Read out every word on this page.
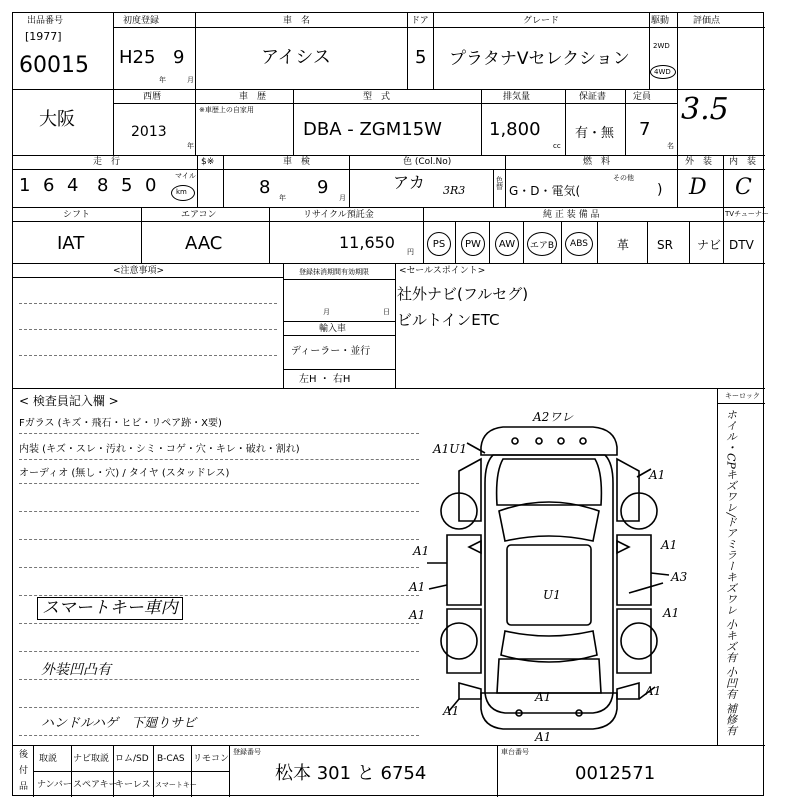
出品番号
[1977]
60015
初度登録
H25 9
年	月
車　名
アイシス
ドア
5
グレード
プラタナVセレクション
駆動
2WD
4WD
評価点
3.5
大阪
西暦
2013
年
車　歴
※車歴上の自家用
型　式
DBA - ZGM15W
排気量
1,800
cc
保証書
有・無
定員
7
名
走　行
1 6 4 8 5 0	マイル
km
$※	車　検
8 年 9 月
色 (Col.No)
アカ 3R3
色替
燃　料
G・D・電気(
その他
)
外　装
D
内　装
C
シフト
IAT
エアコン
AAC
リサイクル預託金
11,650 円
純 正 装 備 品
PS	PW	AW	エアB	ABS	革 SR ナビ
TVチューナー
DTV
<注意事項>	登録抹消期間有効期限
月	日
輸入車
ディーラー・並行
左H ・ 右H
<セールスポイント>
社外ナビ(フルセグ)
ビルトインETC
< 検査員記入欄 >
Fガラス (キズ・飛石・ヒビ・リペア跡・X要)
内装 (キズ・スレ・汚れ・シミ・コゲ・穴・キレ・破れ・割れ)
オーディオ (無し・穴) / タイヤ (スタッドレス)
スマートキー車内
外装凹凸有
ハンドルハゲ　下廻りサビ
A2ワレ
A1U1
A1
A1
A1
A3
A1
A1
A1
A1
A1
A1
A1
U1
キーロック
ホイル・CPキズワレ/ドアミラーキズワレ 小キズ有 小凹有 補修有
後
付
品
取説 ナビ取説 ロム/SD B-CAS リモコン
ナンバー スペアキー
キーレス スマートキー
登録番号
松本 301 と 6754
車台番号
0012571
